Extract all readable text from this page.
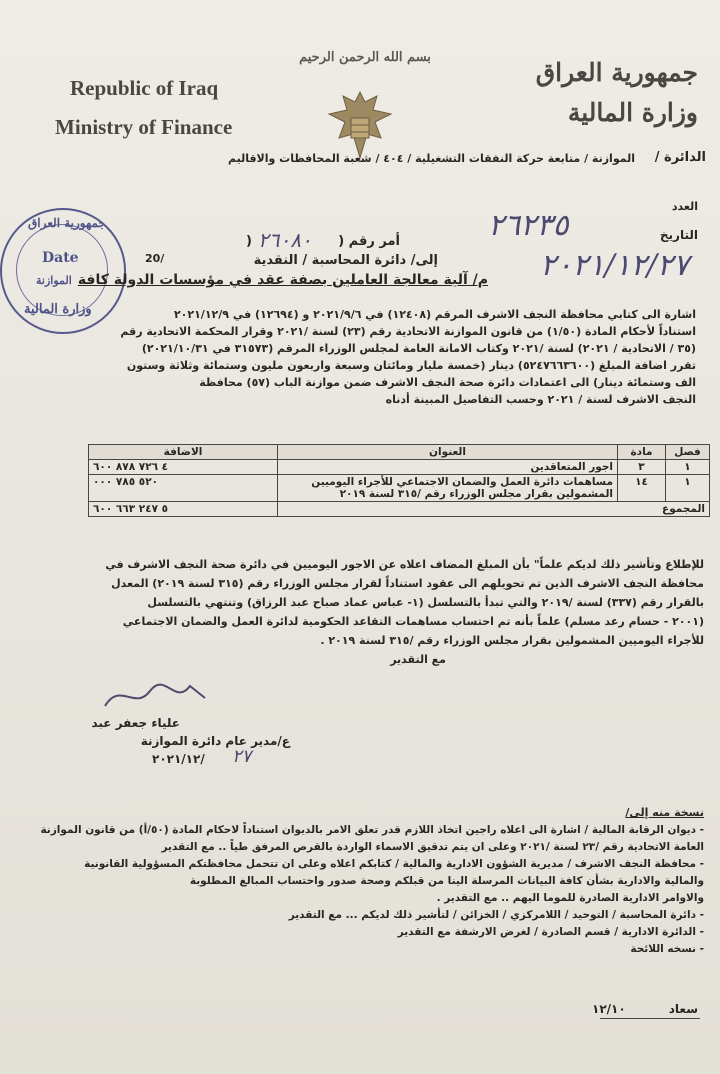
Republic of Iraq
Ministry of Finance
بسم الله الرحمن الرحيم
جمهورية العراق
وزارة المالية
الدائرة /
الموازنة / متابعة حركة النفقات التشغيلية / ٤٠٤ / شعبة المحافظات والاقاليم
العدد
التاريخ
٢٦٢٣٥
٢٠٢١/١٢/٢٧
جمهورية العراق
Date
الموازنة
وزارة المالية
أمر رقم (
٢٦٠٨٠
)
20/	إلى/ دائرة المحاسبة / النقدية
م/ آلية معالجة العاملين بصفة عقد في مؤسسات الدولة كافة
اشارة الى كتابي محافظة النجف الاشرف المرقم (١٢٤٠٨) في ٢٠٢١/٩/٦ و (١٢٦٩٤) في ٢٠٢١/١٢/٩
استناداً لأحكام المادة (١/٥٠) من قانون الموازنة الاتحادية رقم (٢٣) لسنة /٢٠٢١ وقرار المحكمة الاتحادية رقم
(٣٥ / الاتحادية / ٢٠٢١) لسنة /٢٠٢١ وكتاب الامانة العامة لمجلس الوزراء المرقم (٣١٥٧٣ في ٢٠٢١/١٠/٣١)
تقرر اضافة المبلغ (٥٢٤٧٦٦٣٦٠٠) دينار (خمسة مليار ومائتان وسبعة واربعون مليون وستمائة وثلاثة وستون
الف وستمائة دينار) الى اعتمادات دائرة صحة النجف الاشرف ضمن موازنة الباب (٥٧) محافظة
النجف الاشرف لسنة / ٢٠٢١ وحسب التفاصيل المبينة أدناه
فصل	مادة	العنوان	الاضافة
١	٣	اجور المتعاقدين	٤ ٧٢٦ ٨٧٨ ٦٠٠
١	١٤	مساهمات دائرة العمل والضمان الاجتماعي للأجراء اليوميين المشمولين بقرار مجلس الوزراء رقم /٣١٥ لسنة ٢٠١٩	٥٢٠ ٧٨٥ ٠٠٠
المجموع			٥ ٢٤٧ ٦٦٣ ٦٠٠
للإطلاع وتأشير ذلك لديكم علماً" بأن المبلغ المضاف اعلاه عن الاجور اليوميين في دائرة صحة النجف الاشرف في
محافظة النجف الاشرف الذين تم تحويلهم الى عقود استناداً لقرار مجلس الوزراء رقم (٣١٥ لسنة ٢٠١٩) المعدل
بالقرار رقم (٣٣٧) لسنة /٢٠١٩ والتي تبدأ بالتسلسل (١- عباس عماد صباح عبد الرزاق) وتنتهي بالتسلسل
(٢٠٠١ - حسام رعد مسلم) علماً بأنه تم احتساب مساهمات التقاعد الحكومية لدائرة العمل والضمان الاجتماعي
للأجراء اليوميين المشمولين بقرار مجلس الوزراء رقم /٣١٥ لسنة ٢٠١٩ .
مع التقدير
علياء جعفر عبد
ع/مدير عام دائرة الموازنة
٢٠٢١/١٢/ ٢٧
نسخة منه إلى/
- ديوان الرقابة المالية / اشارة الى اعلاه راجين اتخاذ اللازم قدر تعلق الامر بالديوان استناداً لاحكام المادة (٥٠/أ) من قانون الموازنة
العامة الاتحادية رقم /٢٣ لسنة /٢٠٢١ وعلى ان يتم تدقيق الاسماء الواردة بالقرص المرفق طياً .. مع التقدير
- محافظة النجف الاشرف / مديرية الشؤون الادارية والمالية / كتابكم اعلاه وعلى ان تتحمل محافظتكم المسؤولية القانونية
والمالية والادارية بشأن كافة البيانات المرسلة الينا من قبلكم وصحة صدور واحتساب المبالغ المطلوبة
والاوامر الادارية الصادرة للموما اليهم .. مع التقدير .
- دائرة المحاسبة / التوحيد / اللامركزي / الخزائن / لتأشير ذلك لديكم ... مع التقدير
- الدائرة الادارية / قسم الصادرة / لغرض الارشفة مع التقدير
- نسخه اللائحة
سعاد
١٢/١٠
